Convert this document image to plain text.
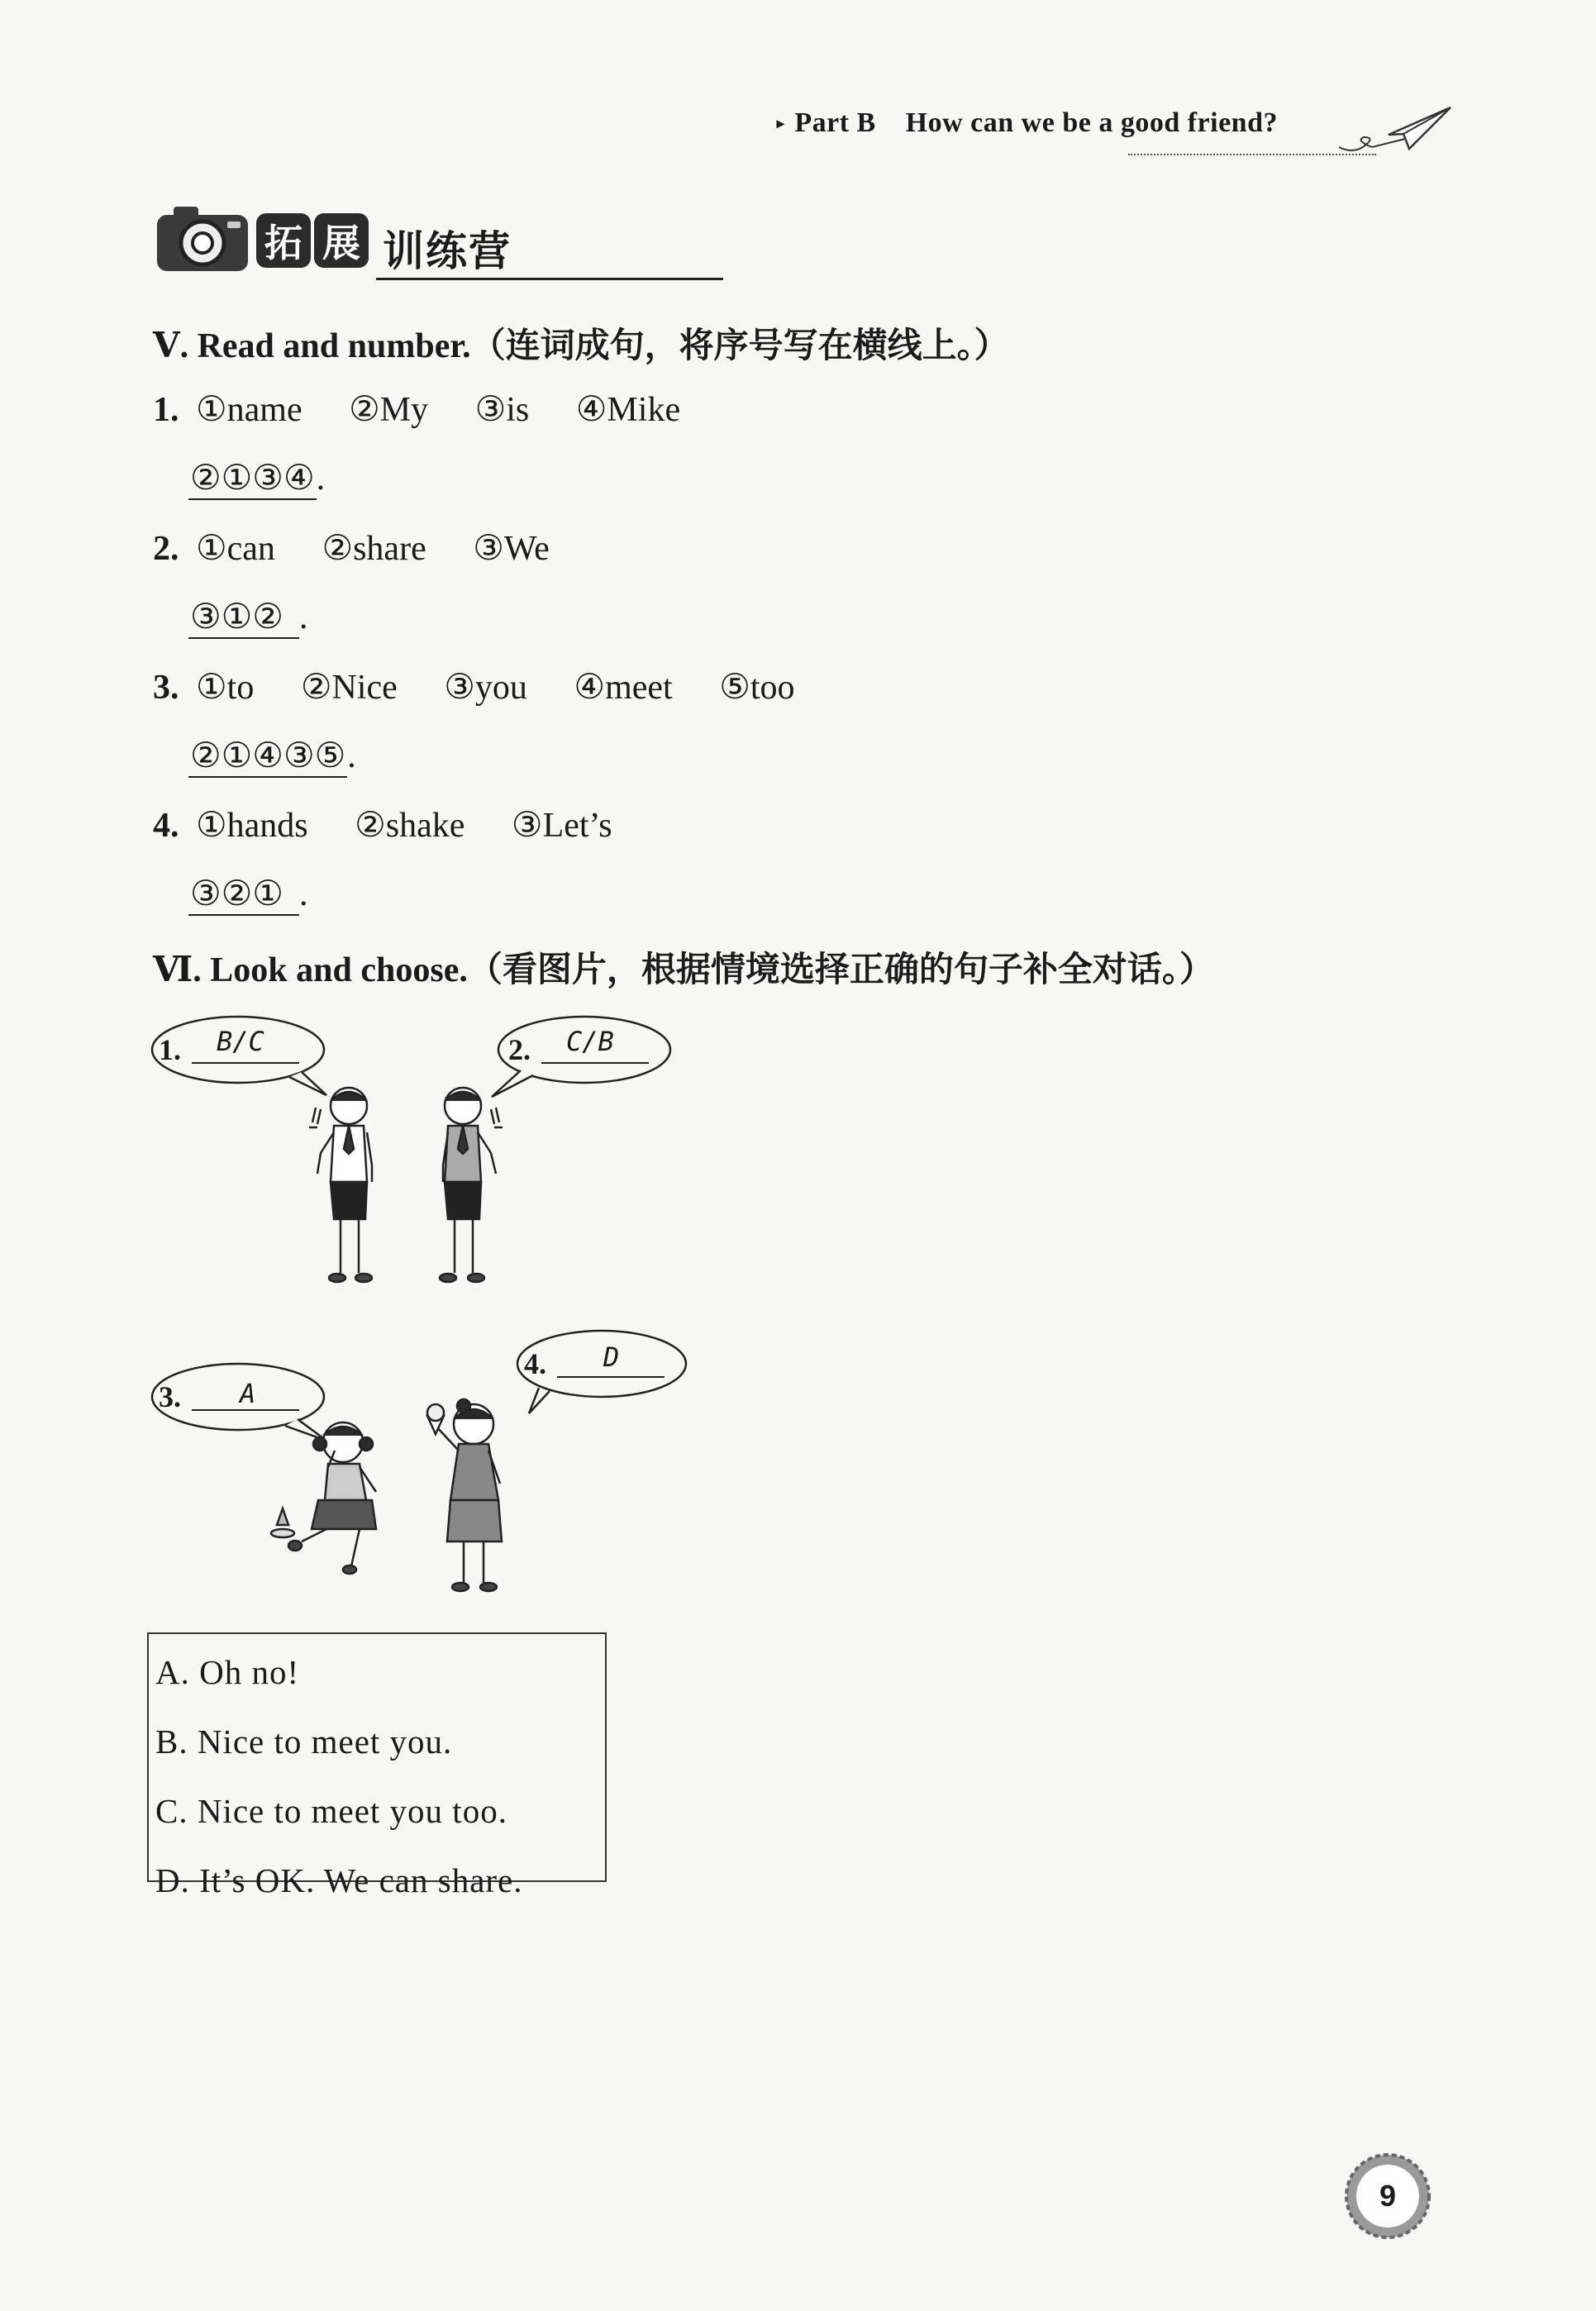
▸ Part B How can we be a good friend?
拓 展 训练营
Ⅴ. Read and number.（连词成句，将序号写在横线上。）
1. ①name ②My ③is ④Mike
②①③④.
2. ①can ②share ③We
③①② .
3. ①to ②Nice ③you ④meet ⑤too
②①④③⑤.
4. ①hands ②shake ③Let’s
③②① .
Ⅵ. Look and choose.（看图片，根据情境选择正确的句子补全对话。）
1. B/C	2. C/B
3. A
4. D
A. Oh no!
B. Nice to meet you.
C. Nice to meet you too.
D. It’s OK. We can share.
9
